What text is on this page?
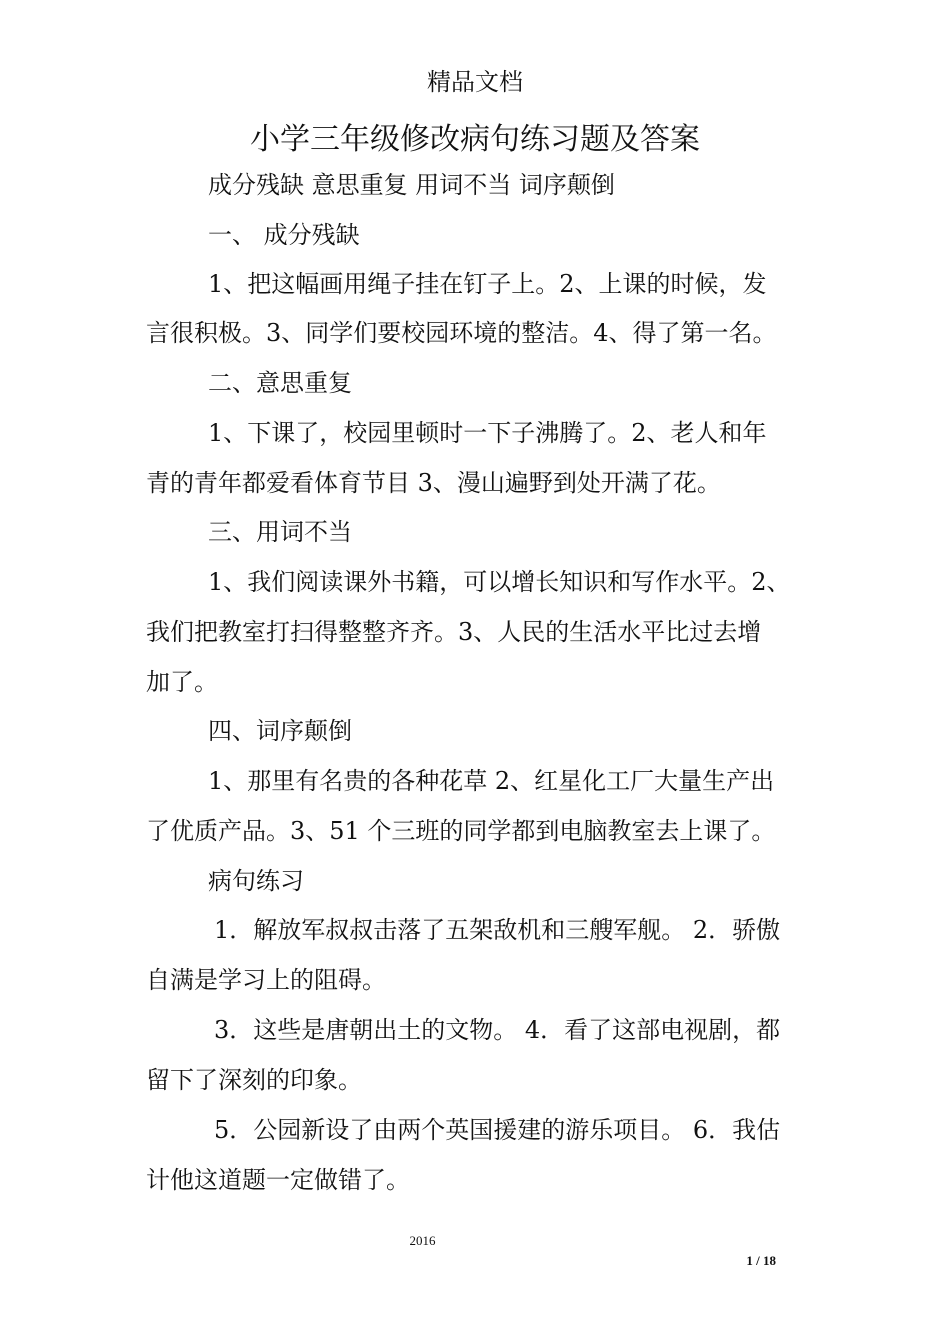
精品文档
小学三年级修改病句练习题及答案
成分残缺 意思重复 用词不当 词序颠倒
一、 成分残缺
1、把这幅画用绳子挂在钉子上。2、上课的时候，发
言很积极。3、同学们要校园环境的整洁。4、得了第一名。
二、意思重复
1、下课了，校园里顿时一下子沸腾了。2、老人和年
青的青年都爱看体育节目 3、漫山遍野到处开满了花。
三、用词不当
1、我们阅读课外书籍，可以增长知识和写作水平。2、
我们把教室打扫得整整齐齐。3、人民的生活水平比过去增
加了。
四、词序颠倒
1、那里有名贵的各种花草 2、红星化工厂大量生产出
了优质产品。3、51 个三班的同学都到电脑教室去上课了。
病句练习
1．解放军叔叔击落了五架敌机和三艘军舰。 2．骄傲
自满是学习上的阻碍。
3．这些是唐朝出土的文物。 4．看了这部电视剧，都
留下了深刻的印象。
5．公园新设了由两个英国援建的游乐项目。 6．我估
计他这道题一定做错了。
2016
1 / 18
